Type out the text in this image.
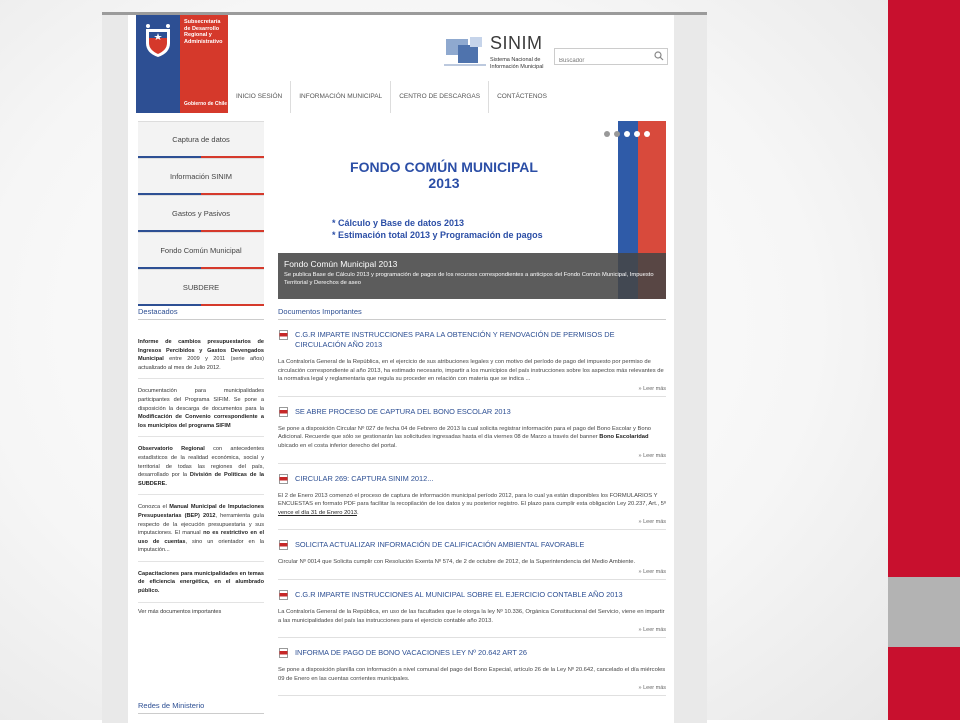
Subsecretaría
de Desarrollo
Regional y
Administrativo
Gobierno de Chile
SINIM
Sistema Nacional de Información Municipal
Buscador
INICIO SESIÓN	INFORMACIÓN MUNICIPAL	CENTRO DE DESCARGAS	CONTÁCTENOS
Captura de datos
Información SINIM
Gastos y Pasivos
Fondo Común Municipal
SUBDERE
Destacados

Informe de cambios presupuestarios de Ingresos Percibidos y Gastos Devengados Municipal entre 2009 y 2011 (serie años) actualizado al mes de Julio 2012.

Documentación para municipalidades participantes del Programa SIFIM. Se pone a disposición la descarga de documentos para la Modificación de Convenio correspondiente a los municipios del programa SIFIM

Observatorio Regional con antecedentes estadísticos de la realidad económica, social y territorial de todas las regiones del país, desarrollado por la División de Políticas de la SUBDERE.

Conozca el Manual Municipal de Imputaciones Presupuestarias (BEP) 2012, herramienta guía respecto de la ejecución presupuestaria y sus imputaciones. El manual no es restrictivo en el uso de cuentas, sino un orientador en la imputación...

Capacitaciones para municipalidades en temas de eficiencia energética, en el alumbrado público.

Ver más documentos importantes
Redes de Ministerio
FONDO COMÚN MUNICIPAL
2013
* Cálculo y Base de datos 2013
* Estimación total 2013 y Programación de pagos
Fondo Común Municipal 2013
Se publica Base de Cálculo 2013 y programación de pagos de los recursos correspondientes a anticipos del Fondo Común Municipal, Impuesto Territorial y Derechos de aseo
Documentos Importantes
C.G.R IMPARTE INSTRUCCIONES PARA LA OBTENCIÓN Y RENOVACIÓN DE PERMISOS DE CIRCULACIÓN AÑO 2013
La Contraloría General de la República, en el ejercicio de sus atribuciones legales y con motivo del período de pago del impuesto por permiso de circulación correspondiente al año 2013, ha estimado necesario, impartir a los municipios del país instrucciones sobre los aspectos más relevantes de la normativa legal y reglamentaria que regula su proceder en relación con materia que se indica ...
» Leer más
SE ABRE PROCESO DE CAPTURA DEL BONO ESCOLAR 2013
Se pone a disposición Circular Nº 027 de fecha 04 de Febrero de 2013 la cual solicita registrar información para el pago del Bono Escolar y Bono Adicional. Recuerde que sólo se gestionarán las solicitudes ingresadas hasta el día viernes 08 de Marzo a través del banner Bono Escolaridad ubicado en el costa inferior derecho del portal.
» Leer más
CIRCULAR 269: CAPTURA SINIM 2012...
El 2 de Enero 2013 comenzó el proceso de captura de información municipal período 2012, para lo cual ya están disponibles los FORMULARIOS Y ENCUESTAS en formato PDF para facilitar la recopilación de los datos y su posterior registro. El plazo para cumplir esta obligación Ley 20.237, Art., 5º vence el día 31 de Enero 2013.
» Leer más
SOLICITA ACTUALIZAR INFORMACIÓN DE CALIFICACIÓN AMBIENTAL FAVORABLE
Circular Nº 0014 que Solicita cumplir con Resolución Exenta Nº 574, de 2 de octubre de 2012, de la Superintendencia del Medio Ambiente.
» Leer más
C.G.R IMPARTE INSTRUCCIONES AL MUNICIPAL SOBRE EL EJERCICIO CONTABLE AÑO 2013
La Contraloría General de la República, en uso de las facultades que le otorga la ley Nº 10.336, Orgánica Constitucional del Servicio, viene en impartir a las municipalidades del país las instrucciones para el ejercicio contable año 2013.
» Leer más
INFORMA DE PAGO DE BONO VACACIONES LEY Nº 20.642 ART 26
Se pone a disposición planilla con información a nivel comunal del pago del Bono Especial, artículo 26 de la Ley Nº 20.642, cancelado el día miércoles 09 de Enero en las cuentas corrientes municipales.
» Leer más
